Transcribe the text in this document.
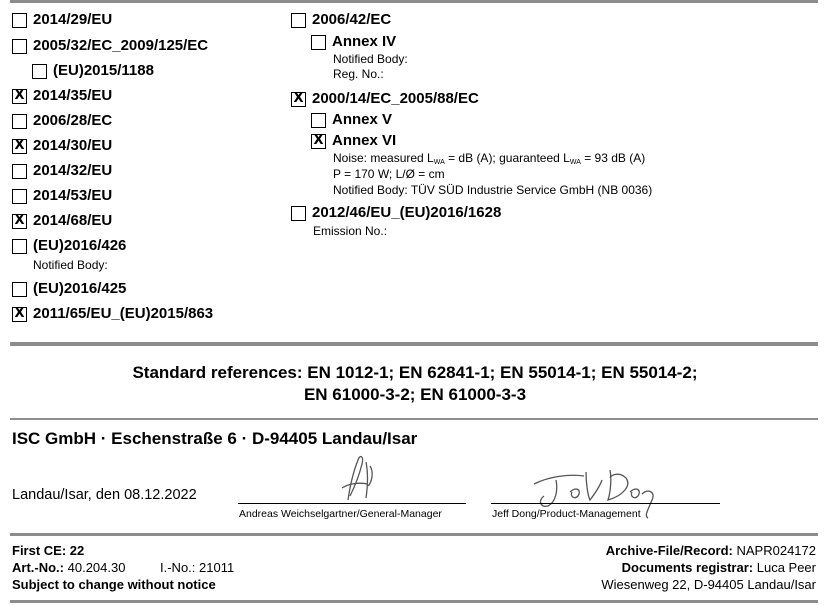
2014/29/EU
2005/32/EC_2009/125/EC
(EU)2015/1188
X 2014/35/EU
2006/28/EC
X 2014/30/EU
2014/32/EU
2014/53/EU
X 2014/68/EU
(EU)2016/426
Notified Body:
(EU)2016/425
X 2011/65/EU_(EU)2015/863
2006/42/EC
Annex IV
Notified Body:
Reg. No.:
X 2000/14/EC_2005/88/EC
Annex V
X Annex VI
Noise: measured $L_{WA}$ = dB (A); guaranteed $L_{WA} = 93$ dB (A)
P = 170 W; L/Ø = cm
Notified Body: TÜV SÜD Industrie Service GmbH (NB 0036)
2012/46/EU_(EU)2016/1628
Emission No.:
Standard references: EN 1012-1; EN 62841-1; EN 55014-1; EN 55014-2;
EN 61000-3-2; EN 61000-3-3
ISC GmbH · Eschenstraße 6 · D-94405 Landau/Isar
Landau/Isar, den 08.12.2022
Andreas Weichselgartner/General-Manager	Jeff Dong/Product-Management
First CE: 22
Art.-No.: 40.204.30	I.-No.: 21011
Subject to change without notice
Archive-File/Record: NAPR024172
Documents registrar: Luca Peer
Wiesenweg 22, D-94405 Landau/Isar
